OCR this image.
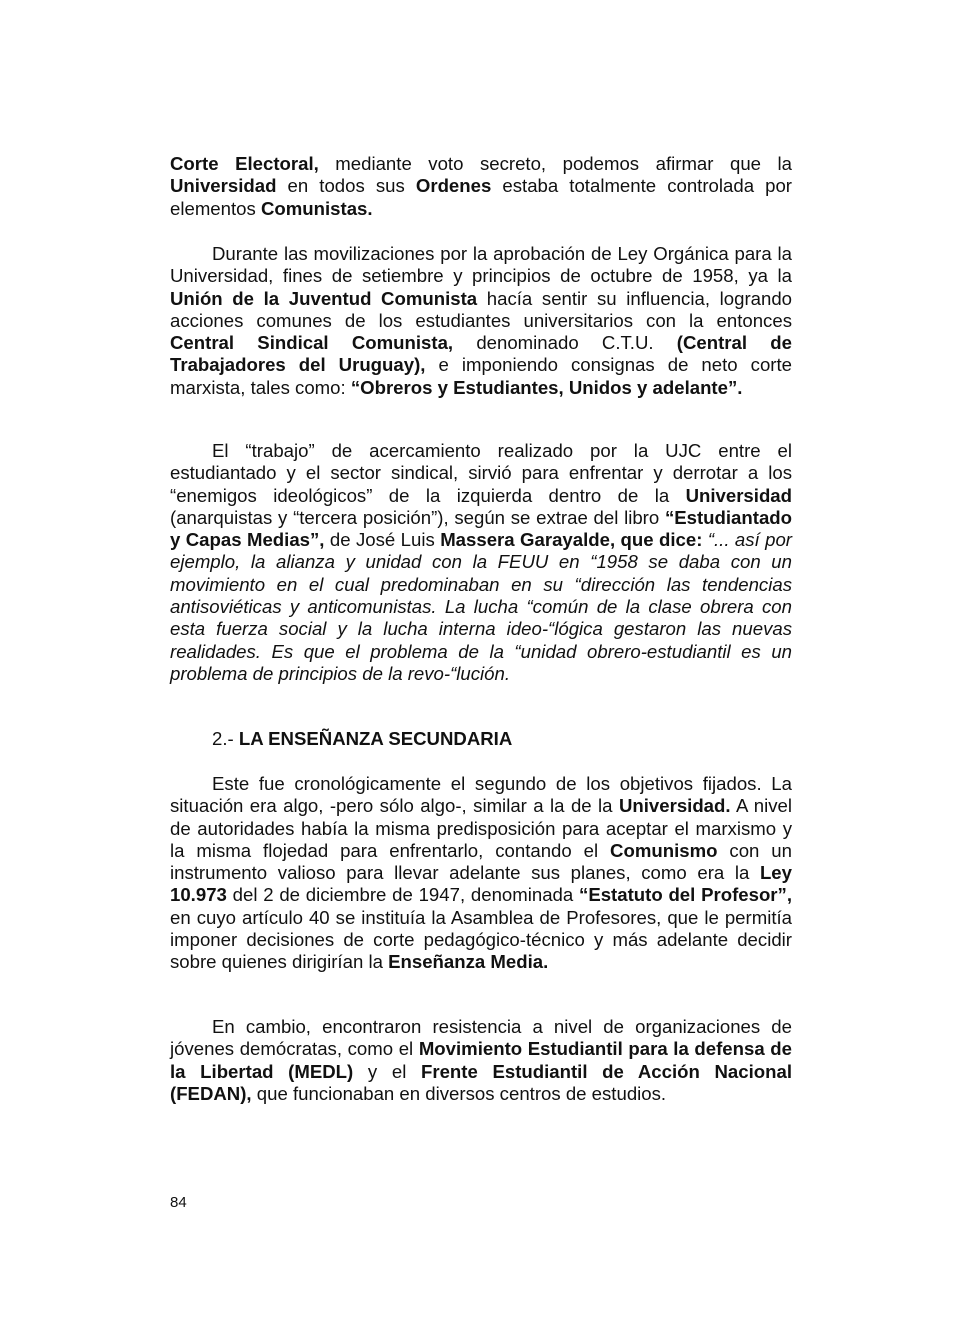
Corte Electoral, mediante voto secreto, podemos afirmar que la Universidad en todos sus Ordenes estaba totalmente controlada por elementos Comunistas.

Durante las movilizaciones por la aprobación de Ley Orgánica para la Universidad, fines de setiembre y principios de octubre de 1958, ya la Unión de la Juventud Comunista hacía sentir su influencia, logrando acciones comunes de los estudiantes universitarios con la entonces Central Sindical Comunista, denominado C.T.U. (Central de Trabajadores del Uruguay), e imponiendo consignas de neto corte marxista, tales como: “Obreros y Estudiantes, Unidos y adelante”.

El “trabajo” de acercamiento realizado por la UJC entre el estudiantado y el sector sindical, sirvió para enfrentar y derrotar a los “enemigos ideológicos” de la izquierda dentro de la Universidad (anarquistas y “tercera posición”), según se extrae del libro “Estudiantado y Capas Medias”, de José Luis Massera Garayalde, que dice: “... así por ejemplo, la alianza y unidad con la FEUU en “1958 se daba con un movimiento en el cual predominaban en su “dirección las tendencias antisoviéticas y anticomunistas. La lucha “común de la clase obrera con esta fuerza social y la lucha interna ideo-“lógica gestaron las nuevas realidades. Es que el problema de la “unidad obrero-estudiantil es un problema de principios de la revo-“lución.

2.- LA ENSEÑANZA SECUNDARIA

Este fue cronológicamente el segundo de los objetivos fijados. La situación era algo, -pero sólo algo-, similar a la de la Universidad. A nivel de autoridades había la misma predisposición para aceptar el marxismo y la misma flojedad para enfrentarlo, contando el Comunismo con un instrumento valioso para llevar adelante sus planes, como era la Ley 10.973 del 2 de diciembre de 1947, denominada “Estatuto del Profesor”, en cuyo artículo 40 se instituía la Asamblea de Profesores, que le permitía imponer decisiones de corte pedagógico-técnico y más adelante decidir sobre quienes dirigirían la Enseñanza Media.

En cambio, encontraron resistencia a nivel de organizaciones de jóvenes demócratas, como el Movimiento Estudiantil para la defensa de la Libertad (MEDL) y el Frente Estudiantil de Acción Nacional (FEDAN), que funcionaban en diversos centros de estudios.

84
